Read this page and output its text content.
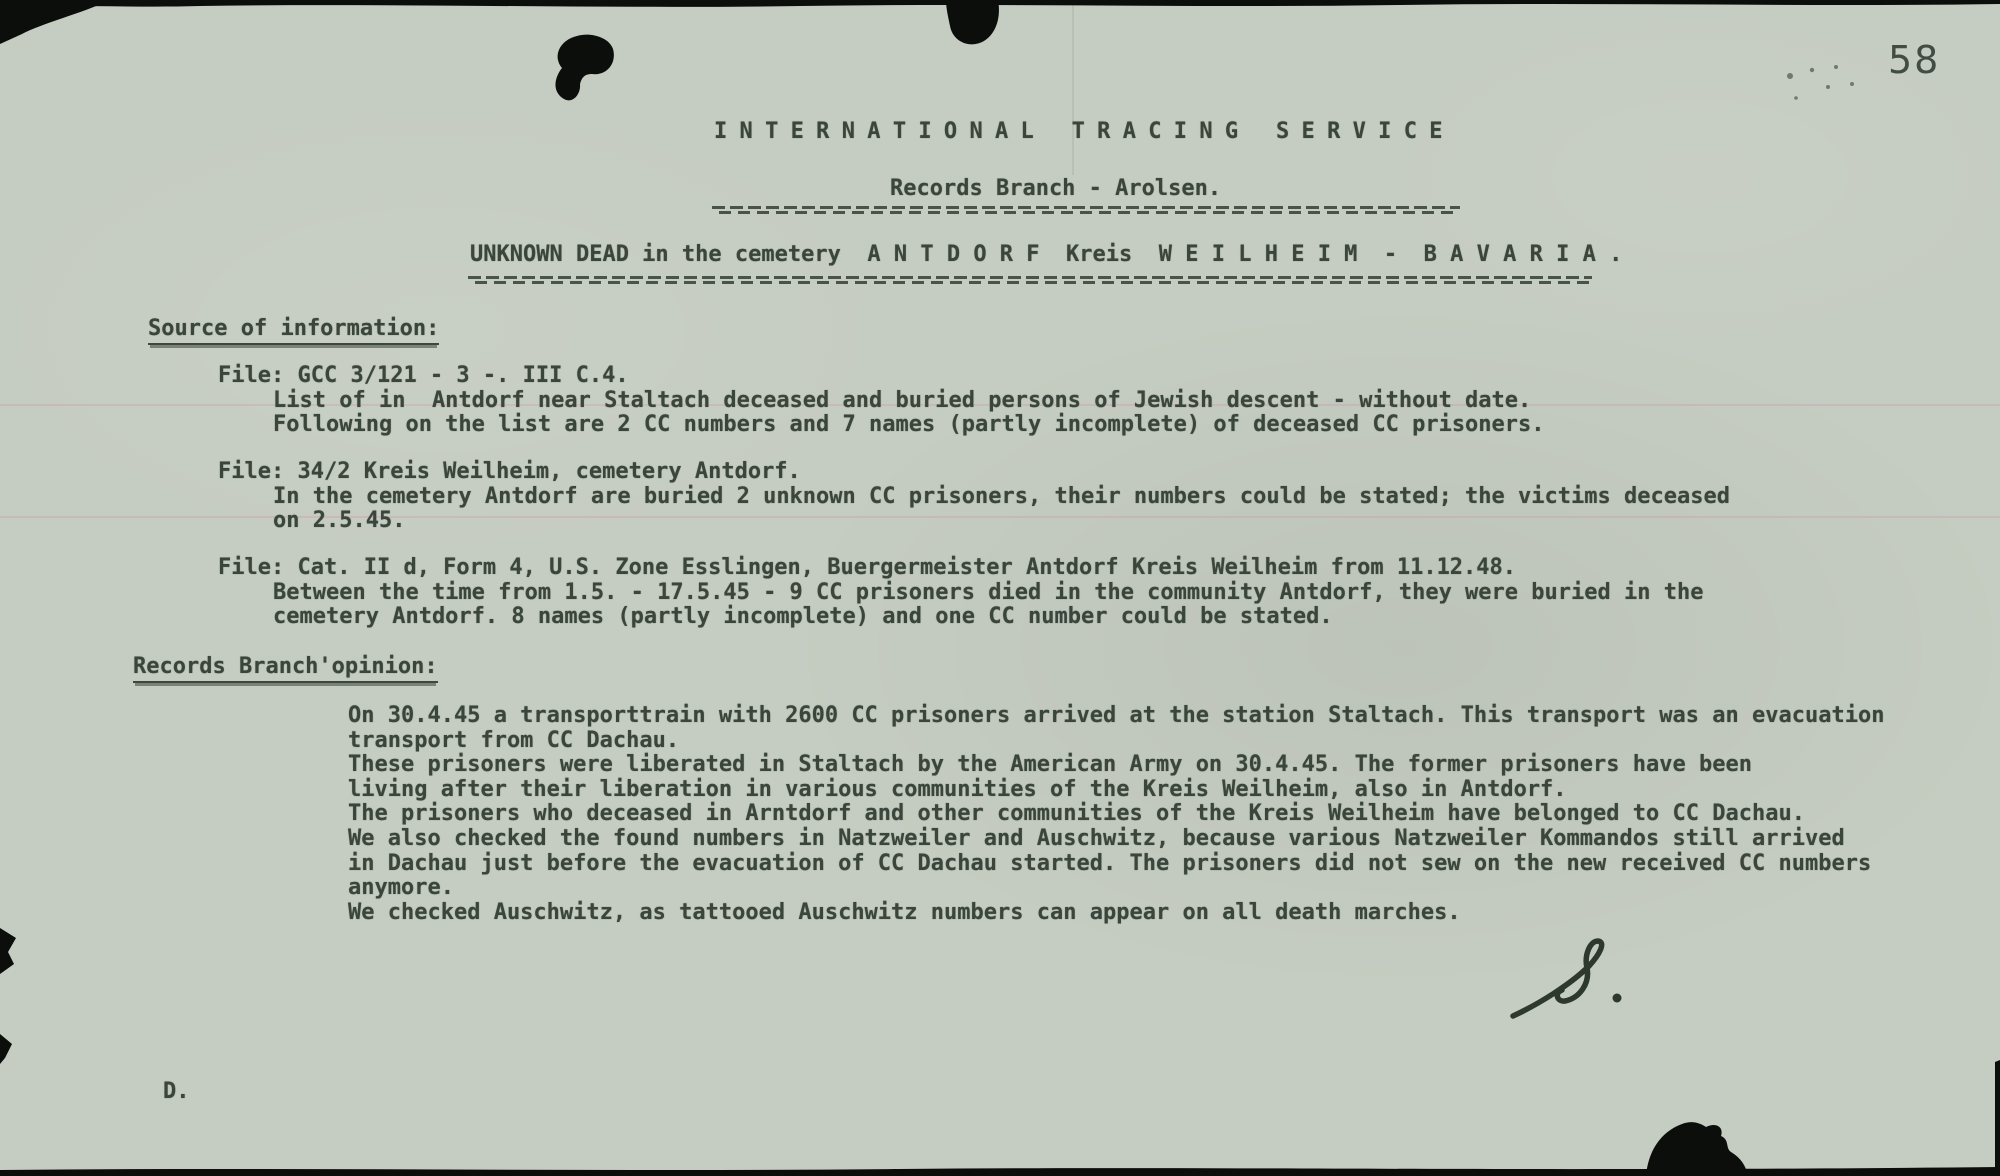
INTERNATIONAL TRACING SERVICE
Records Branch - Arolsen.
UNKNOWN DEAD in the cemetery  A N T D O R F  Kreis  W E I L H E I M  -  B A V A R I A .
Source of information:
File: GCC 3/121 - 3 -. III C.4.
List of in  Antdorf near Staltach deceased and buried persons of Jewish descent - without date.
Following on the list are 2 CC numbers and 7 names (partly incomplete) of deceased CC prisoners.
File: 34/2 Kreis Weilheim, cemetery Antdorf.
In the cemetery Antdorf are buried 2 unknown CC prisoners, their numbers could be stated; the victims deceased
on 2.5.45.
File: Cat. II d, Form 4, U.S. Zone Esslingen, Buergermeister Antdorf Kreis Weilheim from 11.12.48.
Between the time from 1.5. - 17.5.45 - 9 CC prisoners died in the community Antdorf, they were buried in the
cemetery Antdorf. 8 names (partly incomplete) and one CC number could be stated.
Records Branch'opinion:
On 30.4.45 a transporttrain with 2600 CC prisoners arrived at the station Staltach. This transport was an evacuation
transport from CC Dachau.
These prisoners were liberated in Staltach by the American Army on 30.4.45. The former prisoners have been
living after their liberation in various communities of the Kreis Weilheim, also in Antdorf.
The prisoners who deceased in Arntdorf and other communities of the Kreis Weilheim have belonged to CC Dachau.
We also checked the found numbers in Natzweiler and Auschwitz, because various Natzweiler Kommandos still arrived
in Dachau just before the evacuation of CC Dachau started. The prisoners did not sew on the new received CC numbers
anymore.
We checked Auschwitz, as tattooed Auschwitz numbers can appear on all death marches.
D.
58
